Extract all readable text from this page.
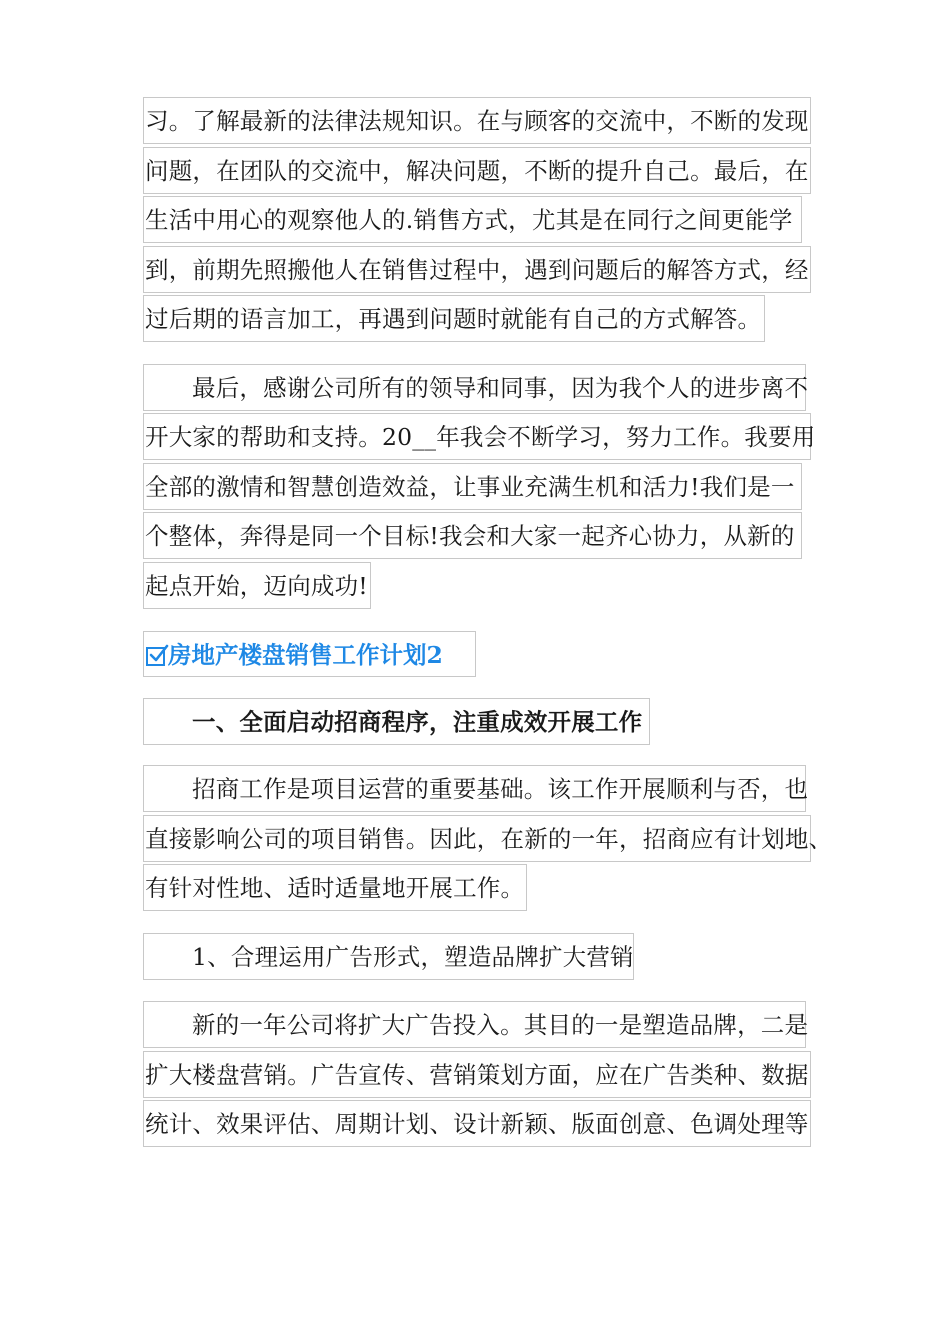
习。了解最新的法律法规知识。在与顾客的交流中，不断的发现
问题，在团队的交流中，解决问题，不断的提升自己。最后，在
生活中用心的观察他人的.销售方式，尤其是在同行之间更能学
到，前期先照搬他人在销售过程中，遇到问题后的解答方式，经
过后期的语言加工，再遇到问题时就能有自己的方式解答。
最后，感谢公司所有的领导和同事，因为我个人的进步离不
开大家的帮助和支持。20__年我会不断学习，努力工作。我要用
全部的激情和智慧创造效益，让事业充满生机和活力!我们是一
个整体，奔得是同一个目标!我会和大家一起齐心协力，从新的
起点开始，迈向成功!
房地产楼盘销售工作计划2
一、全面启动招商程序，注重成效开展工作
招商工作是项目运营的重要基础。该工作开展顺利与否，也
直接影响公司的项目销售。因此，在新的一年，招商应有计划地、
有针对性地、适时适量地开展工作。
1、合理运用广告形式，塑造品牌扩大营销
新的一年公司将扩大广告投入。其目的一是塑造品牌，二是
扩大楼盘营销。广告宣传、营销策划方面，应在广告类种、数据
统计、效果评估、周期计划、设计新颖、版面创意、色调处理等
